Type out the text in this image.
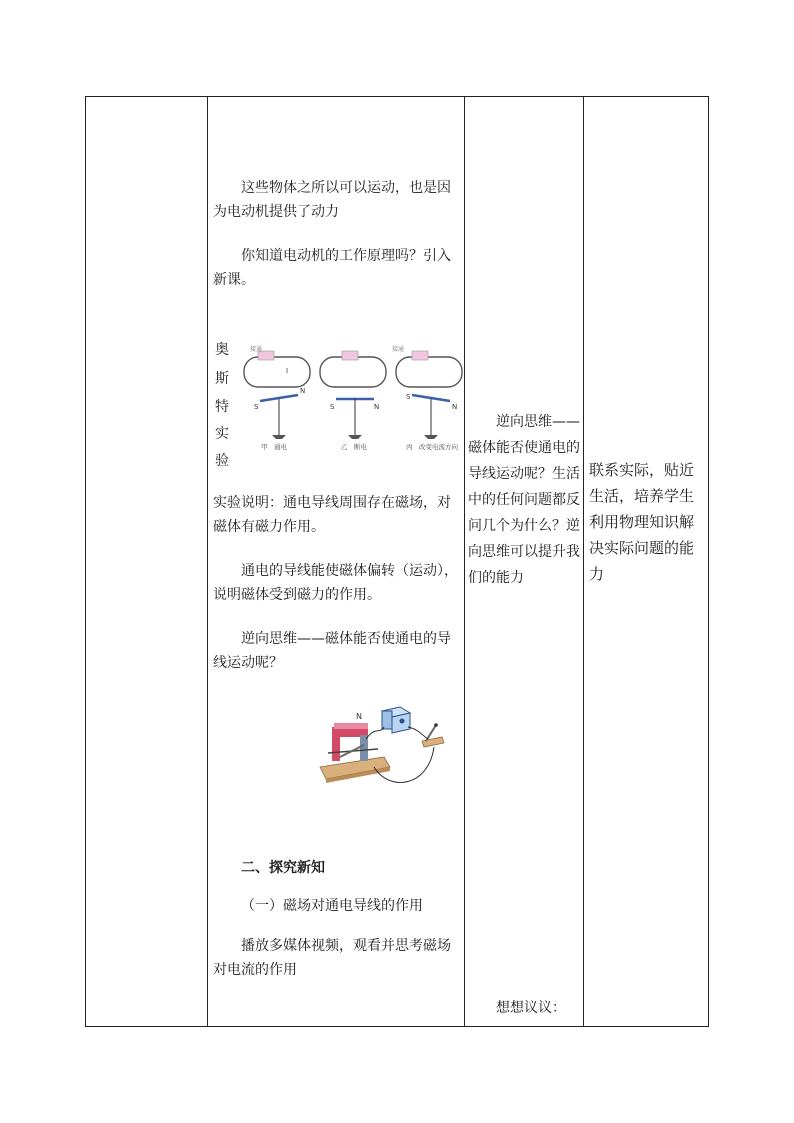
这些物体之所以可以运动，也是因为电动机提供了动力
你知道电动机的工作原理吗？引入新课。
奥
斯
特
实
验
接通
I
S
N
甲　通电
S	N
乙　断电
接通
S
N
丙　改变电流方向
实验说明：通电导线周围存在磁场，对磁体有磁力作用。
通电的导线能使磁体偏转（运动），说明磁体受到磁力的作用。
逆向思维——磁体能否使通电的导线运动呢？
N
二、探究新知
（一）磁场对通电导线的作用
播放多媒体视频，观看并思考磁场对电流的作用
逆向思维——磁体能否使通电的导线运动呢？生活中的任何问题都反问几个为什么？逆向思维可以提升我们的能力
想想议议：
联系实际，贴近生活，培养学生利用物理知识解决实际问题的能力
